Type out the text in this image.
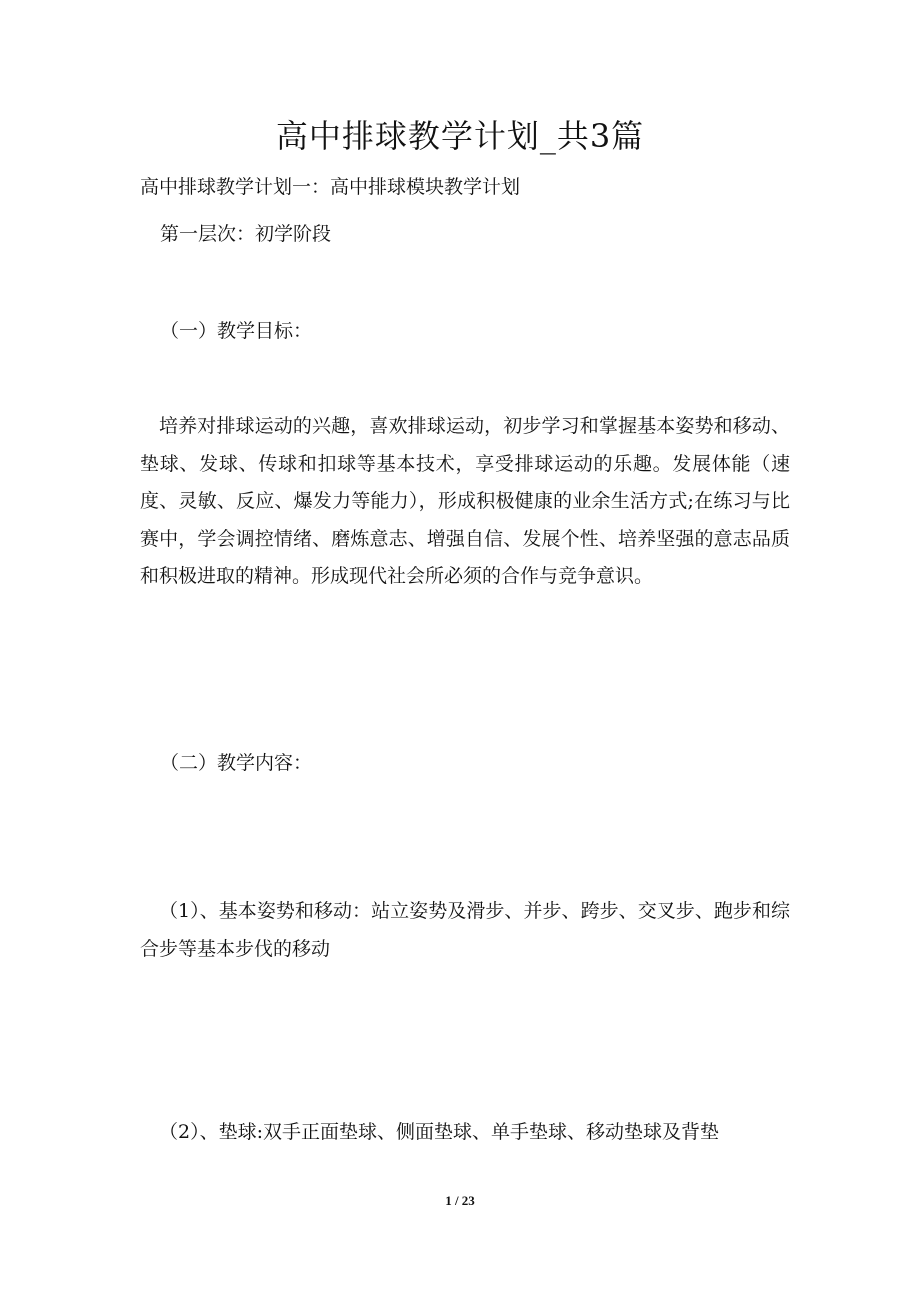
高中排球教学计划_共3篇

高中排球教学计划一：高中排球模块教学计划

第一层次：初学阶段

（一）教学目标：

培养对排球运动的兴趣，喜欢排球运动，初步学习和掌握基本姿势和移动、垫球、发球、传球和扣球等基本技术，享受排球运动的乐趣。发展体能（速度、灵敏、反应、爆发力等能力），形成积极健康的业余生活方式;在练习与比赛中，学会调控情绪、磨炼意志、增强自信、发展个性、培养坚强的意志品质和积极进取的精神。形成现代社会所必须的合作与竞争意识。

（二）教学内容：

（1）、基本姿势和移动：站立姿势及滑步、并步、跨步、交叉步、跑步和综合步等基本步伐的移动

（2）、垫球:双手正面垫球、侧面垫球、单手垫球、移动垫球及背垫

1 / 23
